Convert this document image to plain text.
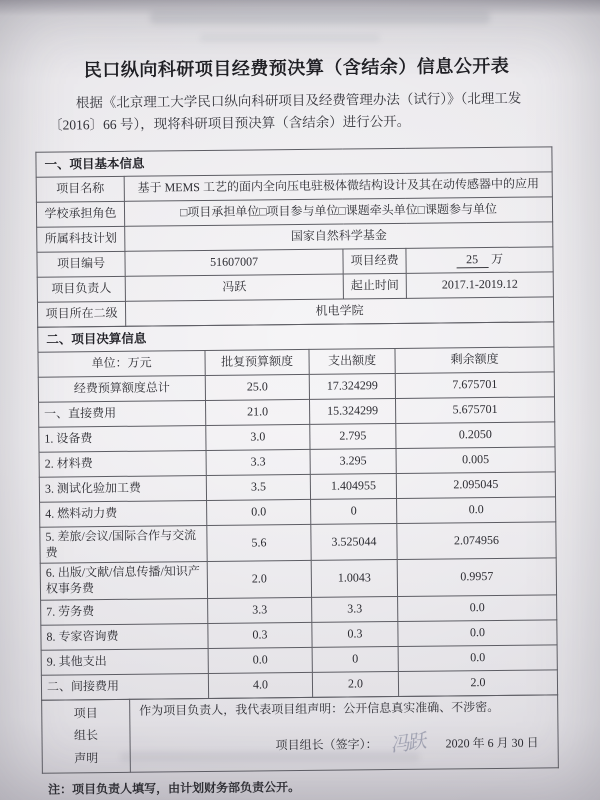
民口纵向科研项目经费预决算（含结余）信息公开表
根据《北京理工大学民口纵向科研项目及经费管理办法（试行）》（北理工发〔2016〕66 号），现将科研项目预决算（含结余）进行公开。
一、项目基本信息			
项目名称	基于 MEMS 工艺的面内全向压电驻极体微结构设计及其在动传感器中的应用		
学校承担角色	□项目承担单位□项目参与单位□课题牵头单位□课题参与单位		
所属科技计划	国家自然科学基金		
项目编号	51607007	项目经费	25 万
项目负责人	冯跃	起止时间	2017.1-2019.12
项目所在二级	机电学院		
二、项目决算信息			
单位：万元	批复预算额度	支出额度	剩余额度
经费预算额度总计	25.0	17.324299	7.675701
一、直接费用	21.0	15.324299	5.675701
1. 设备费	3.0	2.795	0.2050
2. 材料费	3.3	3.295	0.005
3. 测试化验加工费	3.5	1.404955	2.095045
4. 燃料动力费	0.0	0	0.0
5. 差旅/会议/国际合作与交流费	5.6	3.525044	2.074956
6. 出版/文献/信息传播/知识产权事务费	2.0	1.0043	0.9957
7. 劳务费	3.3	3.3	0.0
8. 专家咨询费	0.3	0.3	0.0
9. 其他支出	0.0	0	0.0
二、间接费用	4.0	2.0	2.0
项目
组长
声明

作为项目负责人，我代表项目组声明：公开信息真实准确、不涉密。
项目组长（签字）： 冯跃 2020 年 6 月 30 日
注：项目负责人填写，由计划财务部负责公开。
